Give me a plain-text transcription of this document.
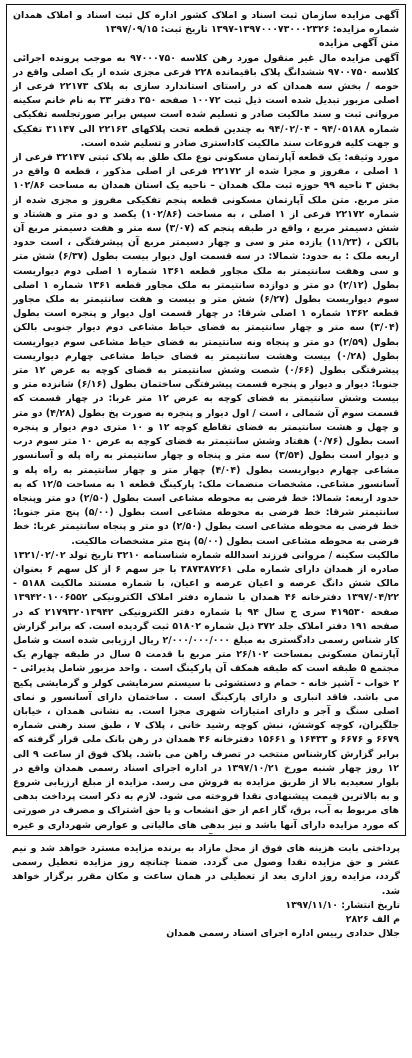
آگهی مزایده سازمان ثبت اسناد و املاک کشور اداره کل ثبت اسناد و املاک همدان شماره مزایده: ۱۳۹۷۰۰۰۷۳۰۰۰۲۳۲۶-۱۳۹۷ تاریخ ثبت: ۱۳۹۷/۰۹/۱۵

متن آگهی مزایده

آگهی مزایده مال غیر منقول مورد رهن کلاسه ۹۷۰۰۰۷۵۰ به موجب پرونده اجرائی کلاسه ۹۷۰۰۷۵۰ ششدانگ پلاک باقیمانده ۲۲۸ فرعی مجزی شده از یک اصلی واقع در حومه / بخش سه همدان که در راستای استاندارد سازی به پلاک ۲۲۱۷۳ فرعی از اصلی مزبور تبدیل شده است ذیل ثبت ۱۰۰۷۲ صفحه ۳۵۰ دفتر ۳۳ به نام خانم سکینه مروانی ثبت و سند مالکیت صادر و تسلیم شده است سپس برابر صورتجلسه تفکیکی شماره ۹۴/۰۵۱۸۸ - ۹۴/۰۲/۰۴ به چندین قطعه تحت پلاکهای ۲۲۱۶۳ الی ۳۱۱۴۷ تفکیک و جهت کلیه فروعات سند مالکیت کاداستری صادر و تسلیم شده است.

مورد وثیقه: یک قطعه آپارتمان مسکونی نوع ملک طلق به پلاک ثبتی ۳۲۱۴۷ فرعی از ۱ اصلی ، مفروز و مجزا شده از ۲۲۱۷۲ فرعی از اصلی مذکور ، قطعه ۵ واقع در بخش ۳ ناحیه ۹۹ حوزه ثبت ملک همدان – ناحیه یک استان همدان به مساحت ۱۰۲/۸۶ متر مربع. متن ملک آپارتمان مسکونی قطعه پنجم تفکیکی مفروز و مجزی شده از شماره ۲۲۱۷۲ فرعی از ۱ اصلی ، به مساحت (۱۰۲/۸۶) یکصد و دو متر و هشتاد و شش دسیمتر مربع ، واقع در طبقه پنجم که (۳/۰۷) سه متر و هفت دسیمتر مربع آن بالکن ، (۱۱/۲۳) یازده متر و سی و چهار دسیمتر مربع آن پیشرفتگی ، است حدود اربعه ملک : به حدود: شمالا: در سه قسمت اول دیوار بیست بطول (۶/۳۷) شش متر و سی وهفت سانتیمتر به ملک مجاور قطعه ۱۳۶۱ شماره ۱ اصلی دوم دیواریست بطول (۲/۱۲) دو متر و دوازده سانتیمتر به ملک مجاور قطعه ۱۳۶۱ شماره ۱ اصلی سوم دیواریست بطول (۶/۲۷) شش متر و بیست و هفت سانتیمتر به ملک مجاور قطعه ۱۳۶۲ شماره ۱ اصلی شرقا: در چهار قسمت اول دیوار و پنجره است بطول (۳/۰۴) سه متر و چهار سانتیمتر به فضای حیاط مشاعی دوم دیوار جنوبی بالکن بطول (۲/۵۹) دو متر و پنجاه ونه سانتیمتر به فضای حیاط مشاعی سوم دیواریست بطول (۰/۲۸) بیست وهشت سانتیمتر به فضای حیاط مشاعی چهارم دیواریست پیشرفتگی بطول (۰/۶۶) شصت وشش سانتیمتر به فضای کوچه به عرض ۱۲ متر جنوبا: دیوار و دیوار و پنجره قسمت پیشرفتگی ساختمان بطول (۶/۱۶) شانزده متر و بیست وشش سانتیمتر به فضای کوچه به عرض ۱۲ متر غربا: در چهار قسمت که قسمت سوم آن شمالی ، است / اول دیوار و پنجره به صورت پخ بطول (۴/۲۸) دو متر و چهل و هشت سانتیمتر به فضای تقاطع کوچه ۱۲ و ۱۰ متری دوم دیوار و پنجره است بطول (۰/۷۶) هفتاد وشش سانتیمتر به فضای کوچه به عرض ۱۰ متر سوم درب و دیوار است بطول (۳/۵۴) سه متر و پنجاه و چهار سانتیمتر به راه پله و آسانسور مشاعی چهارم دیواریست بطول (۴/۰۴) چهار متر و چهار سانتیمتر به راه پله و آسانسور مشاعی. مشخصات منضمات ملک: پارکینگ قطعه ۱ به مساحت ۱۲/۵ که به حدود اربعه: شمالا: خط فرضی به محوطه مشاعی است بطول (۲/۵۰) دو متر وپنجاه سانتیمتر شرقا: خط فرضی به محوطه مشاعی است بطول (۵/۰۰) پنج متر جنوبا: خط فرضی به محوطه مشاعی است بطول (۲/۵۰) دو متر و پنجاه سانتیمتر غربا: خط فرضی به محوطه مشاعی است بطول (۵/۰۰) پنج متر مشخصات مالکیت.

مالکیت سکینه / مروانی فرزند اسدالله شماره شناسنامه ۳۲۱۰ تاریخ تولد ۱۳۲۱/۰۲/۰۲ صادره از همدان دارای شماره ملی ۳۸۷۳۸۷۲۶۱ با جز سهم ۶ از کل سهم ۶ بعنوان مالک شش دانگ عرصه و اعیان عرصه و اعیان، با شماره مستند مالکیت ۵۱۸۸ - ۱۳۹۷/۰۴/۲۲ دفترخانه ۴۶ همدان با شماره دفتر املاک الکترونیکی ۱۳۹۴۲۰۱۰۰۶۵۵۲ صفحه ۴۱۹۵۳۰ سری ج سال ۹۴ با شماره دفتر الکترونیکی ۲۱۷۹۳۲۰۱۳۹۴۲ که در صفحه ۱۹۱ دفتر املاک جلد ۳۷۲ ذیل شماره ۵۱۸۰۲ ثبت گردیده است. که برابر گزارش کار شناس رسمی دادگستری به مبلغ ۲/۰۰۰/۰۰۰/۰۰۰ ریال ارزیابی شده است و شامل آپارتمان مسکونی بمساحت ۲۶/۱۰۲ متر مربع با قدمت ۵ سال در طبقه چهارم یک مجتمع ۵ طبقه است که طبقه همکف آن پارکینگ است . واحد مزبور شامل پذیرائی - ۲ خواب - آشپز خانه - حمام و دستشوئی با سیستم سرمایشی کولر و گرمایشی پکیج می باشد. فاقد انباری و دارای پارکینگ است . ساختمان دارای آسانسور و نمای اصلی سنگ و آجر و دارای امتیازات شهری مجزا است. به نشانی همدان ، خیابان جلگیران، کوچه کوشش، نبش کوچه رشید خانی ، پلاک ۷ ، طبق سند رهنی شماره ۶۶۷۹ و ۶۶۷۶ و ۱۶۴۳۳ و ۱۵۶۶۱ دفترخانه ۴۶ همدان در رهن بانک ملی قرار گرفته که برابر گزارش کارشناس منتخب در تصرف راهن می باشد. پلاک فوق از ساعت ۹ الی ۱۲ روز چهار شنبه مورخ ۱۳۹۷/۱۰/۲۱ در اداره اجرای اسناد رسمی همدان واقع در بلوار سعیدیه بالا از طریق مزایده به فروش می رسد. مزایده از مبلغ ارزیابی شروع و به بالاترین قیمت پیشنهادی نقدا فروخته می شود. لازم به ذکر است پرداخت بدهی های مربوط به آب، برق، گاز اعم از حق انشعاب و یا حق اشتراک و مصرف در صورتی که مورد مزایده دارای آنها باشد و نیز بدهی های مالیاتی و عوارض شهرداری و غیره

پرداختی بابت هزینه های فوق از محل مازاد به برنده مزایده مسترد خواهد شد و نیم عشر و حق مزایده نقدا وصول می گردد. ضمنا چنانچه روز مزایده تعطیل رسمی گردد، مزایده روز اداری بعد از تعطیلی در همان ساعت و مکان مقرر برگزار خواهد شد.

تاریخ انتشار: ۱۳۹۷/۱۱/۱۰

م الف ۲۸۲۶

جلال حدادی رییس اداره اجرای اسناد رسمی همدان
